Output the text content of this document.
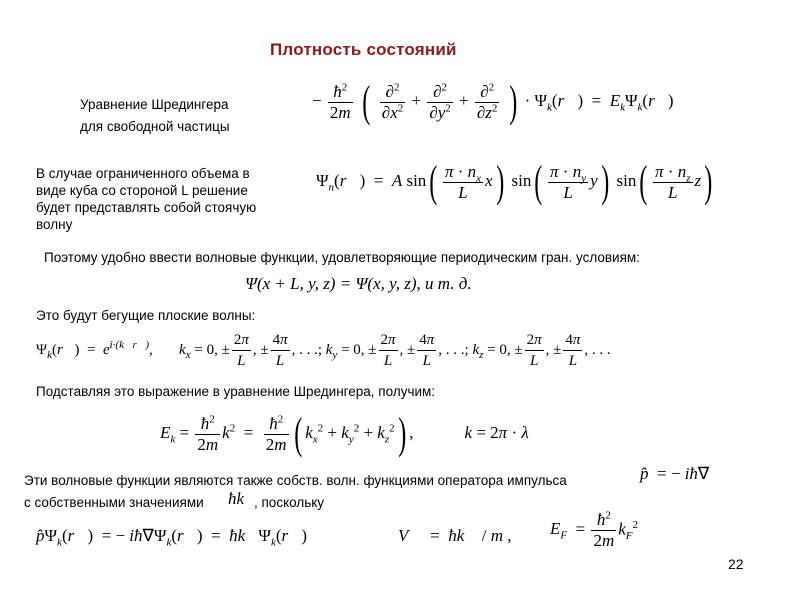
Плотность состояний
Уравнение Шредингера
для свободной частицы
− $\frac{ħ^2}{2m}$ ( $\frac{\partial^2}{\partial x^2} + \frac{\partial^2}{\partial y^2} + \frac{\partial^2}{\partial z^2}$ ) · $\Psi_k(r⃗)$  =  $E_k\Psi_k(r⃗)$
В случае ограниченного объема в
виде куба со стороной L решение
будет представлять собой стоячую
волну
$\Psi_n(r⃗) = A$ $\sin( \frac{\pi \cdot n_x}{L} x)$ $\sin( \frac{\pi \cdot n_y}{L} y)$ $\sin( \frac{\pi \cdot n_z}{L} z)$
Поэтому удобно ввести волновые функции, удовлетворяющие периодическим гран. условиям:
Ψ(x + L, y, z) = Ψ(x, y, z), и т. д.
Это будут бегущие плоские волны:
$\Psi_k(r⃗) = e^{i\cdot(k⃗r⃗)}$,       $k_x = 0$, ± $\frac{2\pi}{L}$ , ± $\frac{4\pi}{L}$ , . . .; $k_y = 0$, ± $\frac{2\pi}{L}$ , ± $\frac{4\pi}{L}$ , . . .; $k_z = 0$, ± $\frac{2\pi}{L}$ , ± $\frac{4\pi}{L}$ , . . .
Подставляя это выражение в уравнение Шредингера, получим:
$E_k = \frac{ħ^2}{2m} k^2 = \frac{ħ^2}{2m}$ ( $k_x^2 + k_y^2 + k_z^2$) ,            k = 2π · λ
Эти волновые функции являются также собств. волн. функциями оператора импульса	p̂  = − iħ∇
с собственными значениями ħk⃗
, поскольку
$p̂\Psi_k(r⃗)$  = − $iħ\nabla\Psi_k(r⃗)$  =  $ħk⃗\Psi_k(r⃗)$	V⃗  =  ħk⃗ / m , $E_F = \frac{ħ^2}{2m} k_F^2$
22
